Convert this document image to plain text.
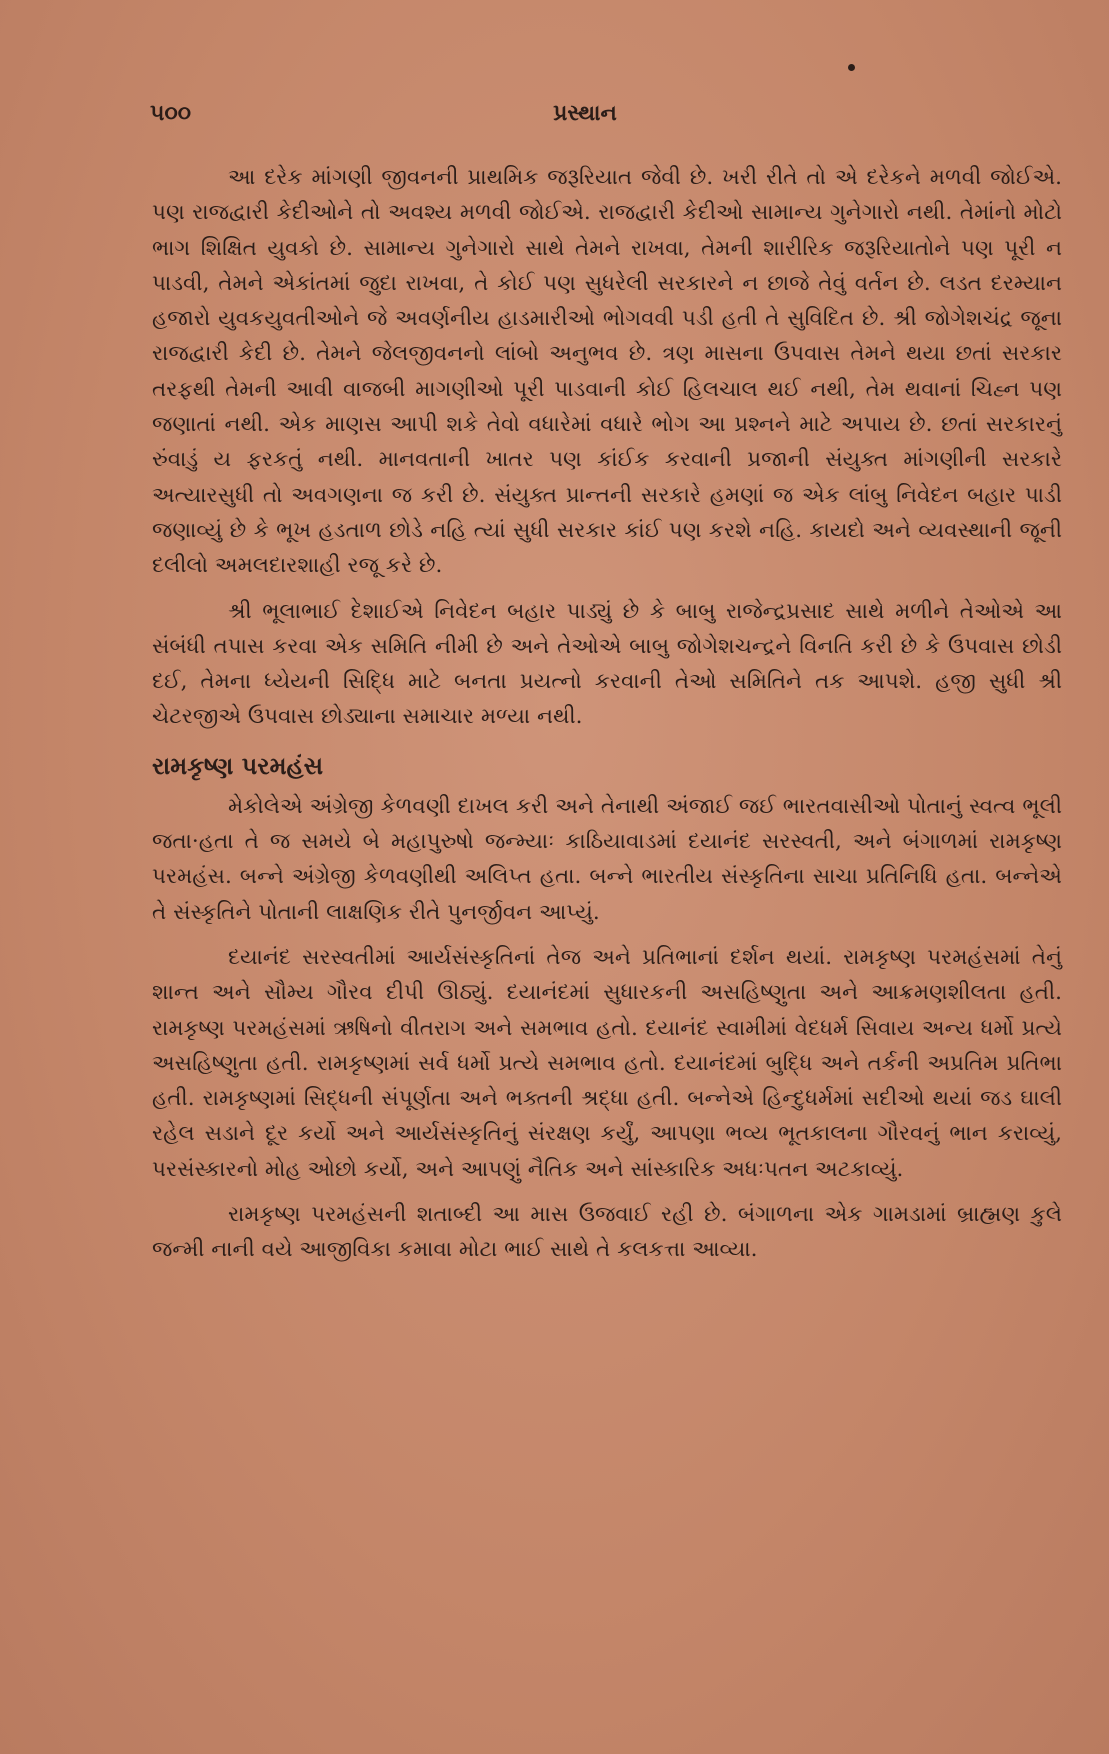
૫૦૦	પ્રસ્થાન

આ દરેક માંગણી જીવનની પ્રાથમિક જરૂરિયાત જેવી છે. ખરી રીતે તો એ દરેકને મળવી જોઈએ. પણ રાજદ્વારી કેદીઓને તો અવશ્ય મળવી જોઈએ. રાજદ્વારી કેદીઓ સામાન્ય ગુનેગારો નથી. તેમાંનો મોટો ભાગ શિક્ષિત યુવકો છે. સામાન્ય ગુનેગારો સાથે તેમને રાખવા, તેમની શારીરિક જરૂરિયાતોને પણ પૂરી ન પાડવી, તેમને એકાંતમાં જુદા રાખવા, તે કોઈ પણ સુધરેલી સરકારને ન છાજે તેવું વર્તન છે. લડત દરમ્યાન હજારો યુવકયુવતીઓને જે અવર્ણનીય હાડમારીઓ ભોગવવી પડી હતી તે સુવિદિત છે. શ્રી જોગેશચંદ્ર જૂના રાજદ્વારી કેદી છે. તેમને જેલજીવનનો લાંબો અનુભવ છે. ત્રણ માસના ઉપવાસ તેમને થયા છતાં સરકાર તરફથી તેમની આવી વાજબી માગણીઓ પૂરી પાડવાની કોઈ હિલચાલ થઈ નથી, તેમ થવાનાં ચિહ્ન પણ જણાતાં નથી. એક માણસ આપી શકે તેવો વધારેમાં વધારે ભોગ આ પ્રશ્નને માટે અપાય છે. છતાં સરકારનું રુંવાડું ય ફરકતું નથી. માનવતાની ખાતર પણ કાંઈક કરવાની પ્રજાની સંયુક્ત માંગણીની સરકારે અત્યારસુધી તો અવગણના જ કરી છે. સંયુક્ત પ્રાન્તની સરકારે હમણાં જ એક લાંબુ નિવેદન બહાર પાડી જણાવ્યું છે કે ભૂખ હડતાળ છોડે નહિ ત્યાં સુધી સરકાર કાંઈ પણ કરશે નહિ. કાયદો અને વ્યવસ્થાની જૂની દલીલો અમલદારશાહી રજૂ કરે છે.

શ્રી ભૂલાભાઈ દેશાઈએ નિવેદન બહાર પાડ્યું છે કે બાબુ રાજેન્દ્રપ્રસાદ સાથે મળીને તેઓએ આ સંબંધી તપાસ કરવા એક સમિતિ નીમી છે અને તેઓએ બાબુ જોગેશચન્દ્રને વિનતિ કરી છે કે ઉપવાસ છોડી દઈ, તેમના ધ્યેયની સિદ્ધિ માટે બનતા પ્રયત્નો કરવાની તેઓ સમિતિને તક આપશે. હજી સુધી શ્રી ચેટરજીએ ઉપવાસ છોડ્યાના સમાચાર મળ્યા નથી.

રામકૃષ્ણ પરમહંસ

મેકોલેએ અંગ્રેજી કેળવણી દાખલ કરી અને તેનાથી અંજાઈ જઈ ભારતવાસીઓ પોતાનું સ્વત્વ ભૂલી જતા·હતા તે જ સમયે બે મહાપુરુષો જન્મ્યાઃ કાઠિયાવાડમાં દયાનંદ સરસ્વતી, અને બંગાળમાં રામકૃષ્ણ પરમહંસ. બન્ને અંગ્રેજી કેળવણીથી અલિપ્ત હતા. બન્ને ભારતીય સંસ્કૃતિના સાચા પ્રતિનિધિ હતા. બન્નેએ તે સંસ્કૃતિને પોતાની લાક્ષણિક રીતે પુનર્જીવન આપ્યું.

દયાનંદ સરસ્વતીમાં આર્યસંસ્કૃતિનાં તેજ અને પ્રતિભાનાં દર્શન થયાં. રામકૃષ્ણ પરમહંસમાં તેનું શાન્ત અને સૌમ્ય ગૌરવ દીપી ઊઠ્યું. દયાનંદમાં સુધારકની અસહિષ્ણુતા અને આક્રમણશીલતા હતી. રામકૃષ્ણ પરમહંસમાં ઋષિનો વીતરાગ અને સમભાવ હતો. દયાનંદ સ્વામીમાં વેદધર્મ સિવાય અન્ય ધર્મો પ્રત્યે અસહિષ્ણુતા હતી. રામકૃષ્ણમાં સર્વ ધર્મો પ્રત્યે સમભાવ હતો. દયાનંદમાં બુદ્ધિ અને તર્કની અપ્રતિમ પ્રતિભા હતી. રામકૃષ્ણમાં સિદ્ધની સંપૂર્ણતા અને ભક્તની શ્રદ્ધા હતી. બન્નેએ હિન્દુધર્મમાં સદીઓ થયાં જડ ઘાલી રહેલ સડાને દૂર કર્યો અને આર્યસંસ્કૃતિનું સંરક્ષણ કર્યું, આપણા ભવ્ય ભૂતકાલના ગૌરવનું ભાન કરાવ્યું, પરસંસ્કારનો મોહ ઓછો કર્યો, અને આપણું નૈતિક અને સાંસ્કારિક અધઃપતન અટકાવ્યું.

રામકૃષ્ણ પરમહંસની શતાબ્દી આ માસ ઉજવાઈ રહી છે. બંગાળના એક ગામડામાં બ્રાહ્મણ કુલે જન્મી નાની વયે આજીવિકા કમાવા મોટા ભાઈ સાથે તે કલકત્તા આવ્યા.
